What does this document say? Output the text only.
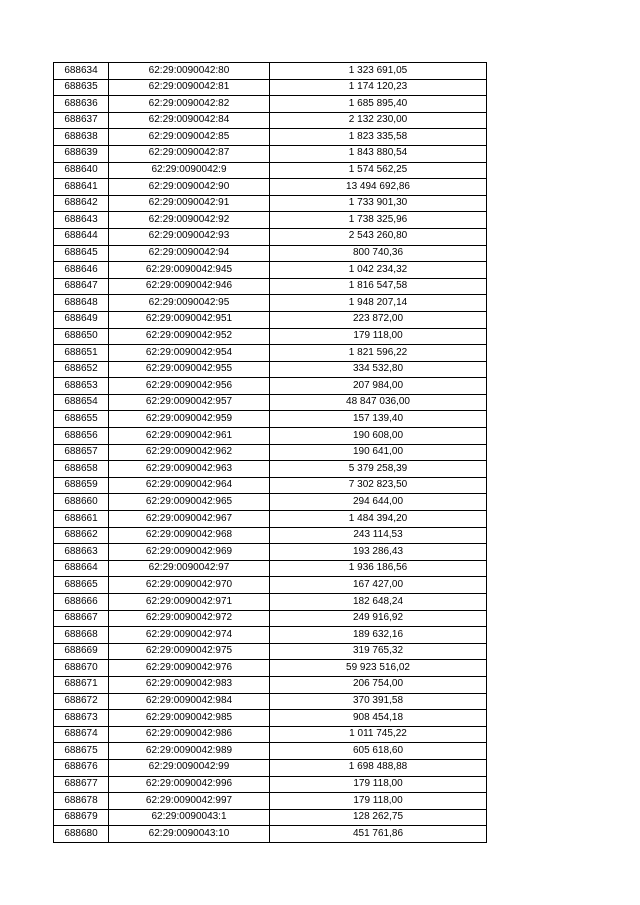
688634	62:29:0090042:80	1 323 691,05
688635	62:29:0090042:81	1 174 120,23
688636	62:29:0090042:82	1 685 895,40
688637	62:29:0090042:84	2 132 230,00
688638	62:29:0090042:85	1 823 335,58
688639	62:29:0090042:87	1 843 880,54
688640	62:29:0090042:9	1 574 562,25
688641	62:29:0090042:90	13 494 692,86
688642	62:29:0090042:91	1 733 901,30
688643	62:29:0090042:92	1 738 325,96
688644	62:29:0090042:93	2 543 260,80
688645	62:29:0090042:94	800 740,36
688646	62:29:0090042:945	1 042 234,32
688647	62:29:0090042:946	1 816 547,58
688648	62:29:0090042:95	1 948 207,14
688649	62:29:0090042:951	223 872,00
688650	62:29:0090042:952	179 118,00
688651	62:29:0090042:954	1 821 596,22
688652	62:29:0090042:955	334 532,80
688653	62:29:0090042:956	207 984,00
688654	62:29:0090042:957	48 847 036,00
688655	62:29:0090042:959	157 139,40
688656	62:29:0090042:961	190 608,00
688657	62:29:0090042:962	190 641,00
688658	62:29:0090042:963	5 379 258,39
688659	62:29:0090042:964	7 302 823,50
688660	62:29:0090042:965	294 644,00
688661	62:29:0090042:967	1 484 394,20
688662	62:29:0090042:968	243 114,53
688663	62:29:0090042:969	193 286,43
688664	62:29:0090042:97	1 936 186,56
688665	62:29:0090042:970	167 427,00
688666	62:29:0090042:971	182 648,24
688667	62:29:0090042:972	249 916,92
688668	62:29:0090042:974	189 632,16
688669	62:29:0090042:975	319 765,32
688670	62:29:0090042:976	59 923 516,02
688671	62:29:0090042:983	206 754,00
688672	62:29:0090042:984	370 391,58
688673	62:29:0090042:985	908 454,18
688674	62:29:0090042:986	1 011 745,22
688675	62:29:0090042:989	605 618,60
688676	62:29:0090042:99	1 698 488,88
688677	62:29:0090042:996	179 118,00
688678	62:29:0090042:997	179 118,00
688679	62:29:0090043:1	128 262,75
688680	62:29:0090043:10	451 761,86
